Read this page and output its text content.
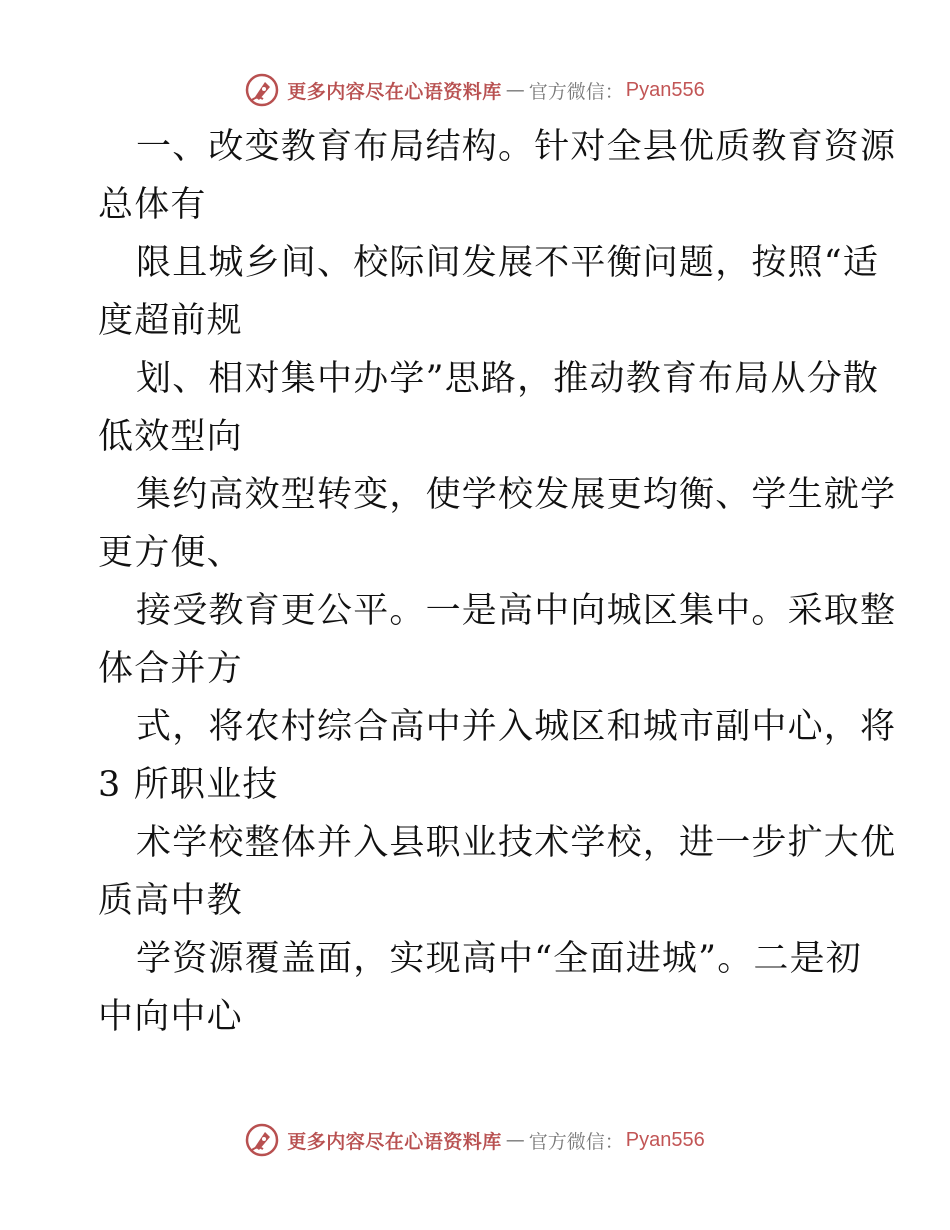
更多内容尽在心语资料库 — 官方微信： Pyan556

一、改变教育布局结构。针对全县优质教育资源

总体有

限且城乡间、校际间发展不平衡问题，按照“适

度超前规

划、相对集中办学”思路，推动教育布局从分散

低效型向

集约高效型转变，使学校发展更均衡、学生就学

更方便、

接受教育更公平。一是高中向城区集中。采取整

体合并方

式，将农村综合高中并入城区和城市副中心，将

3 所职业技

术学校整体并入县职业技术学校，进一步扩大优

质高中教

学资源覆盖面，实现高中“全面进城”。二是初

中向中心

更多内容尽在心语资料库 — 官方微信： Pyan556
